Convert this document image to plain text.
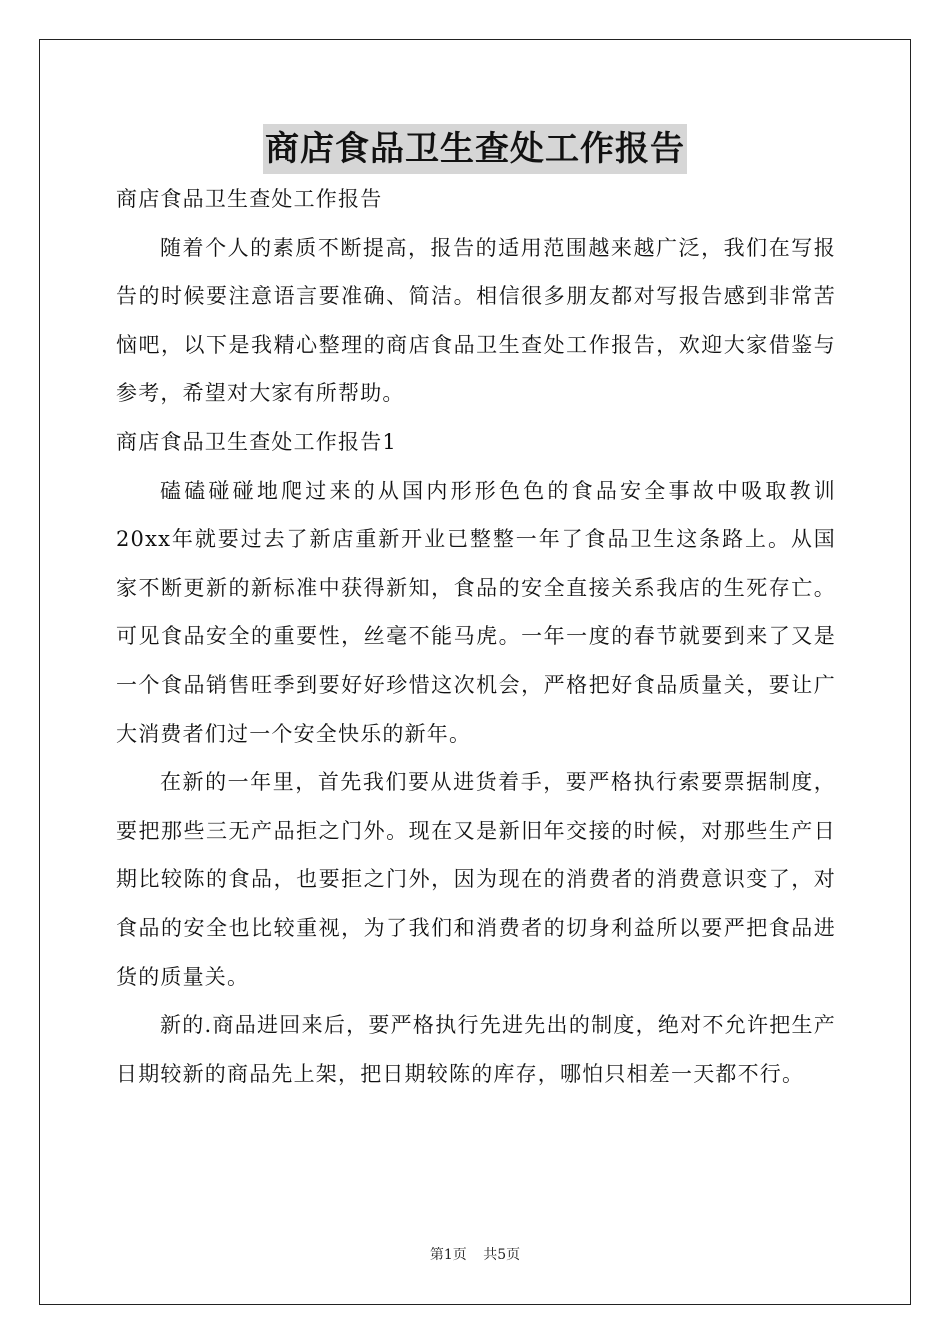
商店食品卫生查处工作报告

商店食品卫生查处工作报告

随着个人的素质不断提高，报告的适用范围越来越广泛，我们在写报告的时候要注意语言要准确、简洁。相信很多朋友都对写报告感到非常苦恼吧，以下是我精心整理的商店食品卫生查处工作报告，欢迎大家借鉴与参考，希望对大家有所帮助。

商店食品卫生查处工作报告1

磕磕碰碰地爬过来的从国内形形色色的食品安全事故中吸取教训20xx年就要过去了新店重新开业已整整一年了食品卫生这条路上。从国家不断更新的新标准中获得新知，食品的安全直接关系我店的生死存亡。可见食品安全的重要性，丝毫不能马虎。一年一度的春节就要到来了又是一个食品销售旺季到要好好珍惜这次机会，严格把好食品质量关，要让广大消费者们过一个安全快乐的新年。

在新的一年里，首先我们要从进货着手，要严格执行索要票据制度，要把那些三无产品拒之门外。现在又是新旧年交接的时候，对那些生产日期比较陈的食品，也要拒之门外，因为现在的消费者的消费意识变了，对食品的安全也比较重视，为了我们和消费者的切身利益所以要严把食品进货的质量关。

新的.商品进回来后，要严格执行先进先出的制度，绝对不允许把生产日期较新的商品先上架，把日期较陈的库存，哪怕只相差一天都不行。

第1页 共5页
